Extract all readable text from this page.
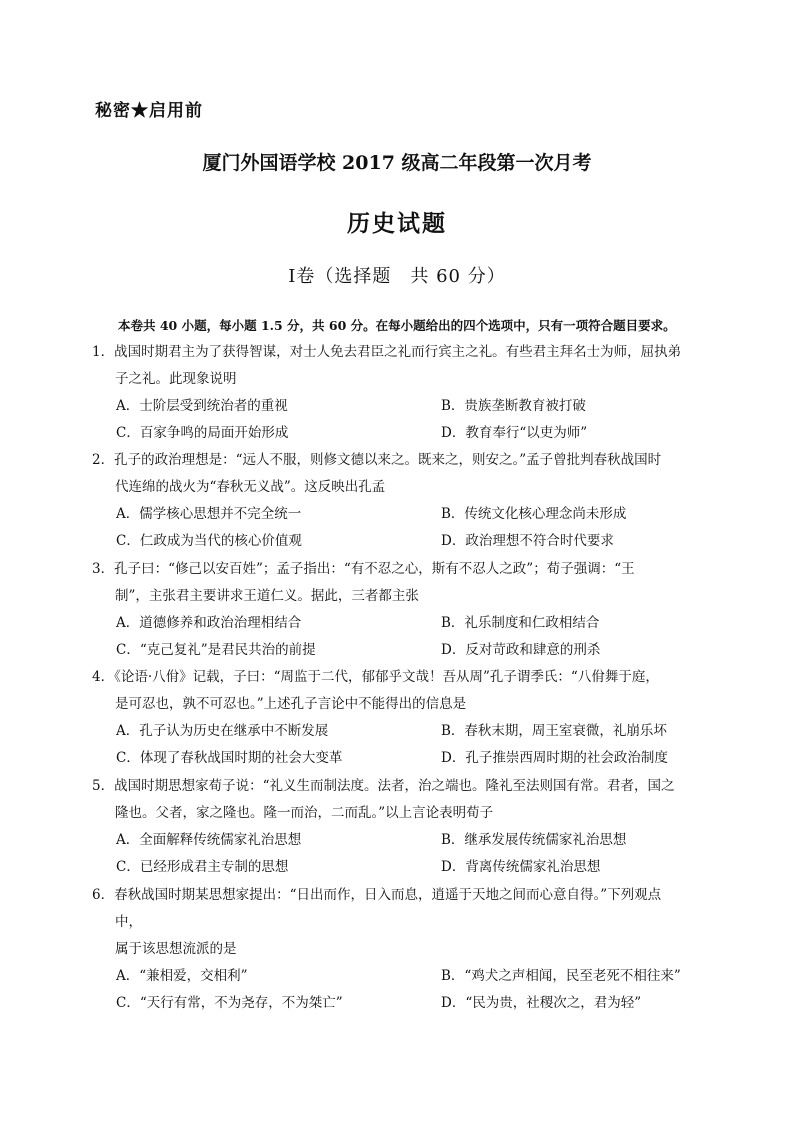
秘密★启用前
厦门外国语学校 2017 级高二年段第一次月考
历史试题
Ⅰ卷（选择题　共 60 分）
本卷共 40 小题，每小题 1.5 分，共 60 分。在每小题给出的四个选项中，只有一项符合题目要求。
1．战国时期君主为了获得智谋，对士人免去君臣之礼而行宾主之礼。有些君主拜名士为师，屈执弟
子之礼。此现象说明
A．士阶层受到统治者的重视	B．贵族垄断教育被打破
C．百家争鸣的局面开始形成	D．教育奉行“以吏为师”
2．孔子的政治理想是：“远人不服，则修文德以来之。既来之，则安之。”孟子曾批判春秋战国时
代连绵的战火为“春秋无义战”。这反映出孔孟
A．儒学核心思想并不完全统一	B．传统文化核心理念尚未形成
C．仁政成为当代的核心价值观	D．政治理想不符合时代要求
3．孔子曰：“修己以安百姓”；孟子指出：“有不忍之心，斯有不忍人之政”；荀子强调：“王
制”，主张君主要讲求王道仁义。据此，三者都主张
A．道德修养和政治治理相结合	B．礼乐制度和仁政相结合
C．“克己复礼”是君民共治的前提	D．反对苛政和肆意的刑杀
4．《论语·八佾》记载，子曰：“周监于二代，郁郁乎文哉！吾从周”孔子谓季氏：“八佾舞于庭，
是可忍也，孰不可忍也。”上述孔子言论中不能得出的信息是
A．孔子认为历史在继承中不断发展	B．春秋末期，周王室衰微，礼崩乐坏
C．体现了春秋战国时期的社会大变革	D．孔子推崇西周时期的社会政治制度
5．战国时期思想家荀子说：“礼义生而制法度。法者，治之端也。隆礼至法则国有常。君者，国之
隆也。父者，家之隆也。隆一而治，二而乱。”以上言论表明荀子
A．全面解释传统儒家礼治思想	B．继承发展传统儒家礼治思想
C．已经形成君主专制的思想	D．背离传统儒家礼治思想
6．春秋战国时期某思想家提出：“日出而作，日入而息，逍遥于天地之间而心意自得。”下列观点
中，
属于该思想流派的是
A．“兼相爱，交相利”	B．“鸡犬之声相闻，民至老死不相往来”
C．“天行有常，不为尧存，不为桀亡”	D．“民为贵，社稷次之，君为轻”
